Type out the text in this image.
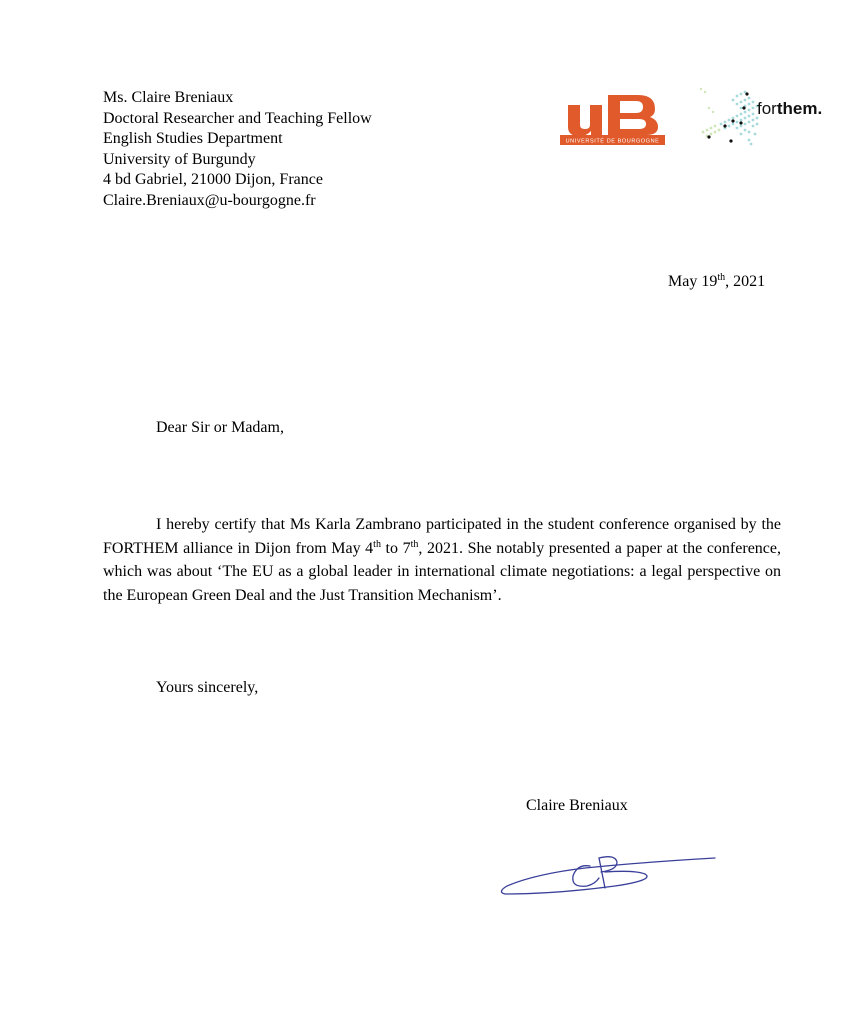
Ms. Claire Breniaux
Doctoral Researcher and Teaching Fellow
English Studies Department
University of Burgundy
4 bd Gabriel, 21000 Dijon, France
Claire.Breniaux@u-bourgogne.fr
UNIVERSITÉ DE BOURGOGNE
forthem.
May 19th, 2021
Dear Sir or Madam,
I hereby certify that Ms Karla Zambrano participated in the student conference organised by the FORTHEM alliance in Dijon from May 4th to 7th, 2021. She notably presented a paper at the conference, which was about ‘The EU as a global leader in international climate negotiations: a legal perspective on the European Green Deal and the Just Transition Mechanism’.
Yours sincerely,
Claire Breniaux
